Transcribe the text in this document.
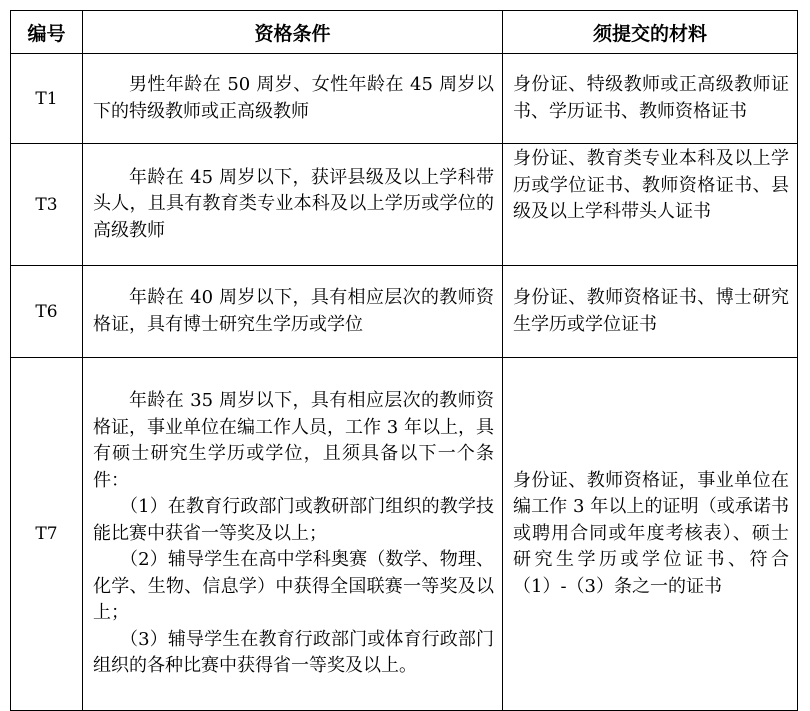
编号	资格条件	须提交的材料
T1	男性年龄在 50 周岁、女性年龄在 45 周岁以下的特级教师或正高级教师	身份证、特级教师或正高级教师证书、学历证书、教师资格证书
T3	年龄在 45 周岁以下，获评县级及以上学科带头人，且具有教育类专业本科及以上学历或学位的高级教师	身份证、教育类专业本科及以上学历或学位证书、教师资格证书、县级及以上学科带头人证书
T6	年龄在 40 周岁以下，具有相应层次的教师资格证，具有博士研究生学历或学位	身份证、教师资格证书、博士研究生学历或学位证书
T7	年龄在 35 周岁以下，具有相应层次的教师资格证，事业单位在编工作人员，工作 3 年以上，具有硕士研究生学历或学位，且须具备以下一个条件：

（1）在教育行政部门或教研部门组织的教学技能比赛中获省一等奖及以上；

（2）辅导学生在高中学科奥赛（数学、物理、化学、生物、信息学）中获得全国联赛一等奖及以上；

（3）辅导学生在教育行政部门或体育行政部门组织的各种比赛中获得省一等奖及以上。	身份证、教师资格证，事业单位在编工作 3 年以上的证明（或承诺书或聘用合同或年度考核表）、硕士研究生学历或学位证书、符合（1）-（3）条之一的证书
